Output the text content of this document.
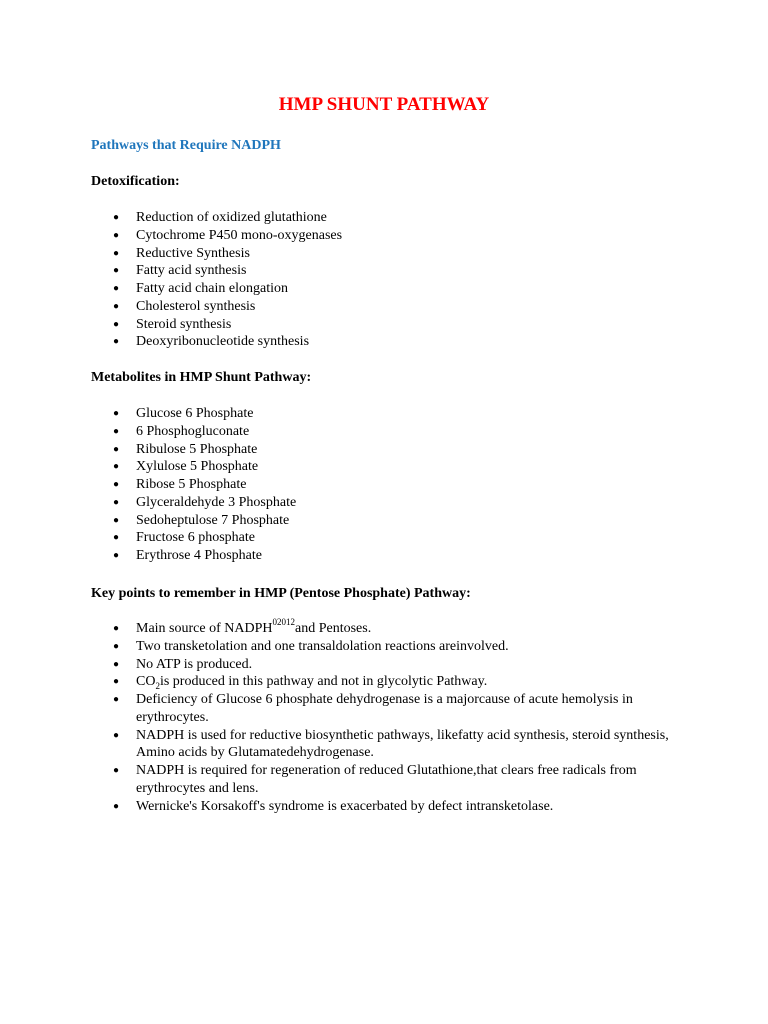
HMP SHUNT PATHWAY
Pathways that Require NADPH
Detoxification:
● Reduction of oxidized glutathione
● Cytochrome P450 mono-oxygenases
● Reductive Synthesis
● Fatty acid synthesis
● Fatty acid chain elongation
● Cholesterol synthesis
● Steroid synthesis
● Deoxyribonucleotide synthesis
Metabolites in HMP Shunt Pathway:
● Glucose 6 Phosphate
● 6 Phosphogluconate
● Ribulose 5 Phosphate
● Xylulose 5 Phosphate
● Ribose 5 Phosphate
● Glyceraldehyde 3 Phosphate
● Sedoheptulose 7 Phosphate
● Fructose 6 phosphate
● Erythrose 4 Phosphate
Key points to remember in HMP (Pentose Phosphate) Pathway:
● Main source of $NADPH^{02012}and$ Pentoses.
● Two transketolation and one transaldolation reactions areinvolved.
● No ATP is produced.
● $CO_2is$ produced in this pathway and not in glycolytic Pathway.
● Deficiency of Glucose 6 phosphate dehydrogenase is a majorcause of acute hemolysis in erythrocytes.
● NADPH is used for reductive biosynthetic pathways, likefatty acid synthesis, steroid synthesis, Amino acids by Glutamatedehydrogenase.
● NADPH is required for regeneration of reduced Glutathione,that clears free radicals from erythrocytes and lens.
● Wernicke's Korsakoff's syndrome is exacerbated by defect intransketolase.
